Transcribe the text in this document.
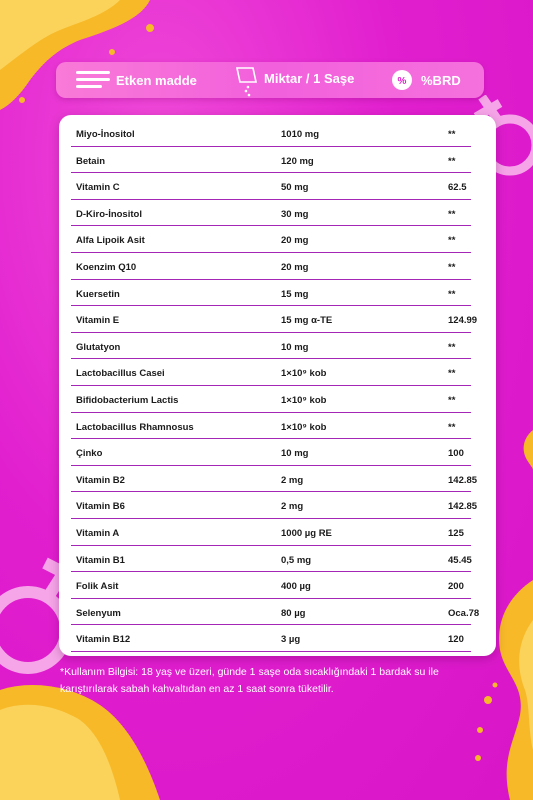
Etken madde	Miktar / 1 Saşe	% %BRD
Miyo-İnositol	1010 mg	**
Betain	120 mg	**
Vitamin C	50 mg	62.5
D-Kiro-İnositol	30 mg	**
Alfa Lipoik Asit	20 mg	**
Koenzim Q10	20 mg	**
Kuersetin	15 mg	**
Vitamin E	15 mg α-TE	124.99
Glutatyon	10 mg	**
Lactobacillus Casei	1×10⁹ kob	**
Bifidobacterium Lactis	1×10⁹ kob	**
Lactobacillus Rhamnosus	1×10⁹ kob	**
Çinko	10 mg	100
Vitamin B2	2 mg	142.85
Vitamin B6	2 mg	142.85
Vitamin A	1000 µg RE	125
Vitamin B1	0,5 mg	45.45
Folik Asit	400 µg	200
Selenyum	80 µg	Oca.78
Vitamin B12	3 µg	120
*Kullanım Bilgisi: 18 yaş ve üzeri, günde 1 saşe oda sıcaklığındaki 1 bardak su ile karıştırılarak sabah kahvaltıdan en az 1 saat sonra tüketilir.
